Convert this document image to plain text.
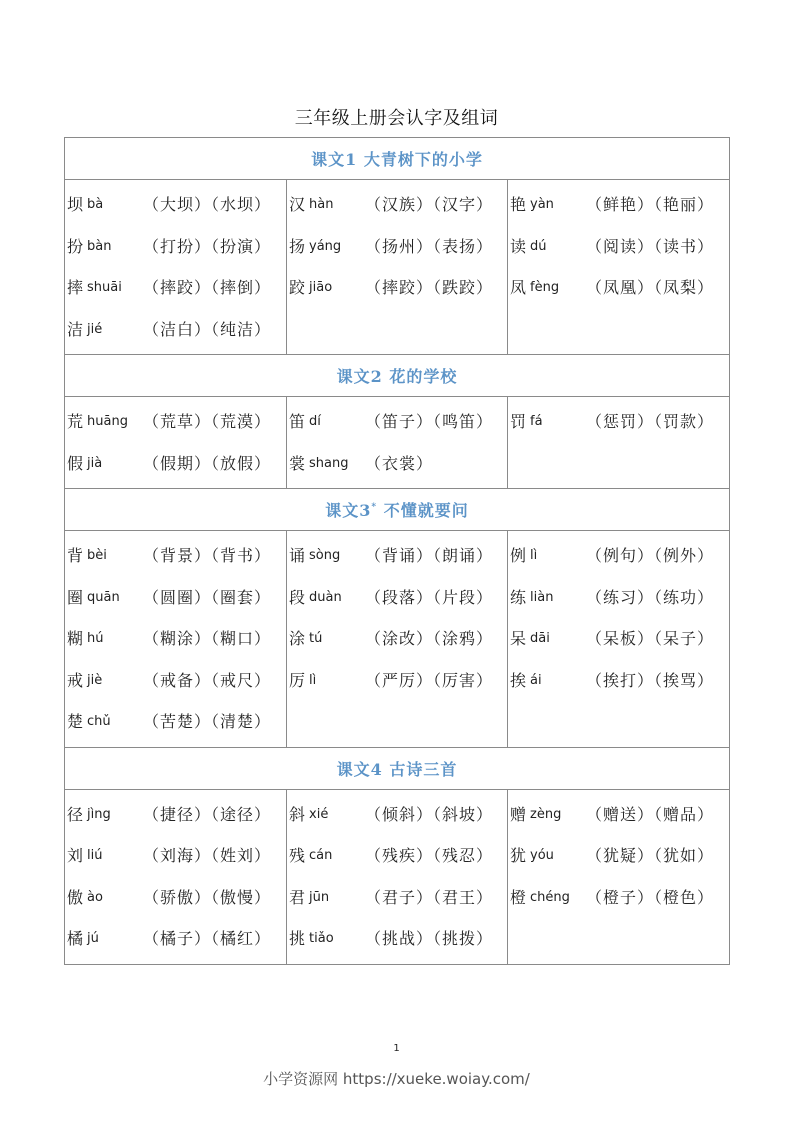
三年级上册会认字及组词
课文1 大青树下的小学		

坝 bà	（大坝）（水坝）
扮 bàn	（打扮）（扮演）
摔 shuāi	（摔跤）（摔倒）
洁 jié	（洁白）（纯洁）

汉 hàn	（汉族）（汉字）
扬 yáng	（扬州）（表扬）
跤 jiāo	（摔跤）（跌跤）

艳 yàn	（鲜艳）（艳丽）
读 dú	（阅读）（读书）
凤 fèng	（凤凰）（凤梨）

课文2 花的学校		

荒 huāng （荒草）（荒漠）
假 jià	（假期）（放假）

笛 dí	（笛子）（鸣笛）
裳 shang	（衣裳）

罚 fá	（惩罚）（罚款）

课文3* 不懂就要问		

背 bèi	（背景）（背书）
圈 quān	（圆圈）（圈套）
糊 hú	（糊涂）（糊口）
戒 jiè	（戒备）（戒尺）
楚 chǔ	（苦楚）（清楚）

诵 sòng	（背诵）（朗诵）
段 duàn	（段落）（片段）
涂 tú	（涂改）（涂鸦）
厉 lì	（严厉）（厉害）

例 lì	（例句）（例外）
练 liàn	（练习）（练功）
呆 dāi	（呆板）（呆子）
挨 ái	（挨打）（挨骂）

课文4 古诗三首		

径 jìng	（捷径）（途径）
刘 liú	（刘海）（姓刘）
傲 ào	（骄傲）（傲慢）
橘 jú	（橘子）（橘红）

斜 xié	（倾斜）（斜坡）
残 cán	（残疾）（残忍）
君 jūn	（君子）（君王）
挑 tiǎo	（挑战）（挑拨）

赠 zèng	（赠送）（赠品）
犹 yóu	（犹疑）（犹如）
橙 chéng	（橙子）（橙色）
1
小学资源网 https://xueke.woiay.com/
